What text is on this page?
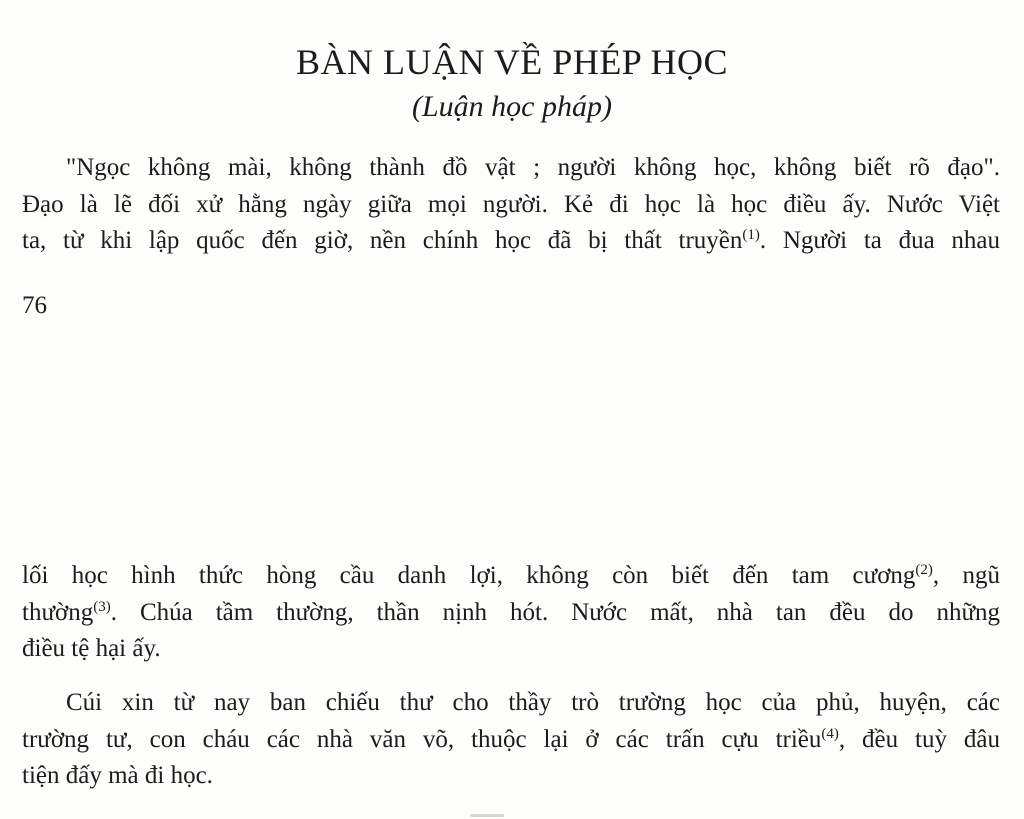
BÀN LUẬN VỀ PHÉP HỌC
(Luận học pháp)
"Ngọc không mài, không thành đồ vật ; người không học, không biết rõ đạo".
Đạo là lẽ đối xử hằng ngày giữa mọi người. Kẻ đi học là học điều ấy. Nước Việt
ta, từ khi lập quốc đến giờ, nền chính học đã bị thất truyền$^{(1)}$. Người ta đua nhau
76
lối học hình thức hòng cầu danh lợi, không còn biết đến tam cương$^{(2)}$, ngũ
thường$^{(3)}$. Chúa tầm thường, thần nịnh hót. Nước mất, nhà tan đều do những
điều tệ hại ấy.
Cúi xin từ nay ban chiếu thư cho thầy trò trường học của phủ, huyện, các
trường tư, con cháu các nhà văn võ, thuộc lại ở các trấn cựu triều$^{(4)}$, đều tuỳ đâu
tiện đấy mà đi học.
